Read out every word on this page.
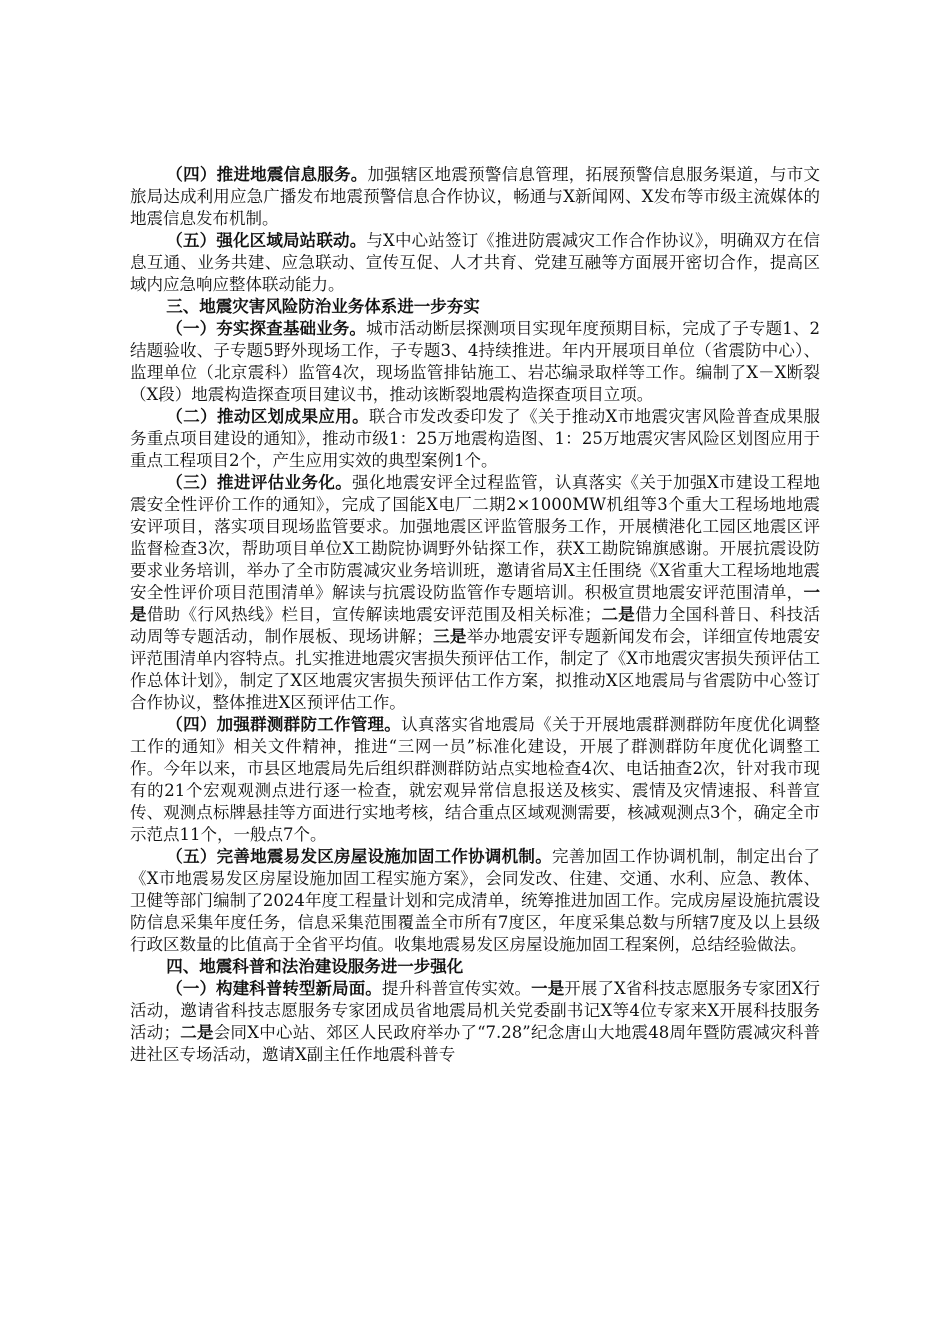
（四）推进地震信息服务。加强辖区地震预警信息管理，拓展预警信息服务渠道，与市文旅局达成利用应急广播发布地震预警信息合作协议，畅通与X新闻网、X发布等市级主流媒体的地震信息发布机制。

（五）强化区域局站联动。与X中心站签订《推进防震减灾工作合作协议》，明确双方在信息互通、业务共建、应急联动、宣传互促、人才共育、党建互融等方面展开密切合作，提高区域内应急响应整体联动能力。

三、地震灾害风险防治业务体系进一步夯实

（一）夯实探查基础业务。城市活动断层探测项目实现年度预期目标，完成了子专题1、2结题验收、子专题5野外现场工作，子专题3、4持续推进。年内开展项目单位（省震防中心）、监理单位（北京震科）监管4次，现场监管排钻施工、岩芯编录取样等工作。编制了X－X断裂（X段）地震构造探查项目建议书，推动该断裂地震构造探查项目立项。

（二）推动区划成果应用。联合市发改委印发了《关于推动X市地震灾害风险普查成果服务重点项目建设的通知》，推动市级1：25万地震构造图、1：25万地震灾害风险区划图应用于重点工程项目2个，产生应用实效的典型案例1个。

（三）推进评估业务化。强化地震安评全过程监管，认真落实《关于加强X市建设工程地震安全性评价工作的通知》，完成了国能X电厂二期2×1000MW机组等3个重大工程场地地震安评项目，落实项目现场监管要求。加强地震区评监管服务工作，开展横港化工园区地震区评监督检查3次，帮助项目单位X工勘院协调野外钻探工作，获X工勘院锦旗感谢。开展抗震设防要求业务培训，举办了全市防震减灾业务培训班，邀请省局X主任围绕《X省重大工程场地地震安全性评价项目范围清单》解读与抗震设防监管作专题培训。积极宣贯地震安评范围清单，一是借助《行风热线》栏目，宣传解读地震安评范围及相关标准；二是借力全国科普日、科技活动周等专题活动，制作展板、现场讲解；三是举办地震安评专题新闻发布会，详细宣传地震安评范围清单内容特点。扎实推进地震灾害损失预评估工作，制定了《X市地震灾害损失预评估工作总体计划》，制定了X区地震灾害损失预评估工作方案，拟推动X区地震局与省震防中心签订合作协议，整体推进X区预评估工作。

（四）加强群测群防工作管理。认真落实省地震局《关于开展地震群测群防年度优化调整工作的通知》相关文件精神，推进“三网一员”标准化建设，开展了群测群防年度优化调整工作。今年以来，市县区地震局先后组织群测群防站点实地检查4次、电话抽查2次，针对我市现有的21个宏观观测点进行逐一检查，就宏观异常信息报送及核实、震情及灾情速报、科普宣传、观测点标牌悬挂等方面进行实地考核，结合重点区域观测需要，核减观测点3个，确定全市示范点11个，一般点7个。

（五）完善地震易发区房屋设施加固工作协调机制。完善加固工作协调机制，制定出台了《X市地震易发区房屋设施加固工程实施方案》，会同发改、住建、交通、水利、应急、教体、卫健等部门编制了2024年度工程量计划和完成清单，统筹推进加固工作。完成房屋设施抗震设防信息采集年度任务，信息采集范围覆盖全市所有7度区，年度采集总数与所辖7度及以上县级行政区数量的比值高于全省平均值。收集地震易发区房屋设施加固工程案例，总结经验做法。

四、地震科普和法治建设服务进一步强化

（一）构建科普转型新局面。提升科普宣传实效。一是开展了X省科技志愿服务专家团X行活动，邀请省科技志愿服务专家团成员省地震局机关党委副书记X等4位专家来X开展科技服务活动；二是会同X中心站、郊区人民政府举办了“7.28”纪念唐山大地震48周年暨防震减灾科普进社区专场活动，邀请X副主任作地震科普专
